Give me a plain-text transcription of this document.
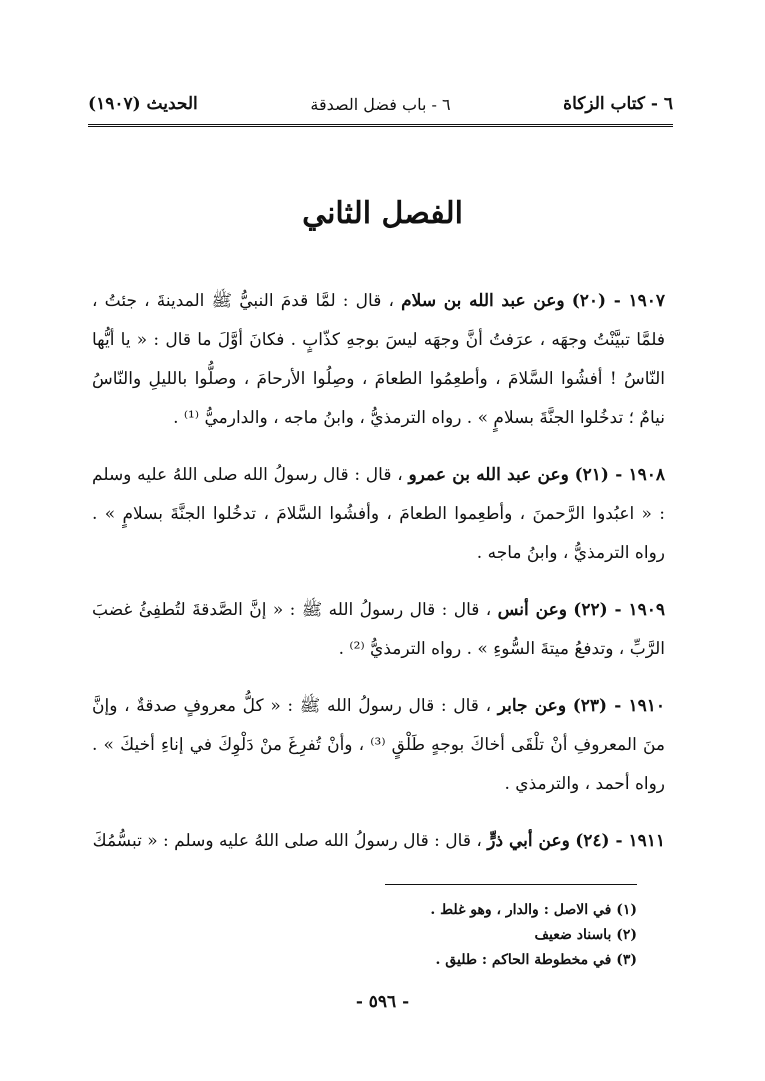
٦ - كتاب الزكاة
٦ - باب فضل الصدقة
الحديث (١٩٠٧)
الفصل الثاني

١٩٠٧ - (٢٠) وعن عبد الله بن سلام ، قال : لمَّا قدمَ النبيُّ ﷺ المدينةَ ، جئتُ ، فلمَّا تبيَّنْتُ وجهَه ، عرَفتُ أنَّ وجهَه ليسَ بوجهِ كذّابٍ . فكانَ أوَّلَ ما قال : « يا أيُّها النّاسُ ! أفشُوا السَّلامَ ، وأطعِمُوا الطعامَ ، وصِلُوا الأرحامَ ، وصلُّوا بالليلِ والنّاسُ نيامٌ ؛ تدخُلوا الجنَّةَ بسلامٍ » . رواه الترمذيُّ ، وابنُ ماجه ، والدارميُّ ⁽¹⁾ .

١٩٠٨ - (٢١) وعن عبد الله بن عمرو ، قال : قال رسولُ الله صلى اللهُ عليه وسلم : « اعبُدوا الرَّحمنَ ، وأطعِموا الطعامَ ، وأفشُوا السَّلامَ ، تدخُلوا الجنَّةَ بسلامٍ » . رواه الترمذيُّ ، وابنُ ماجه .

١٩٠٩ - (٢٢) وعن أنس ، قال : قال رسولُ الله ﷺ : « إنَّ الصَّدقةَ لتُطفِئُ غضبَ الرَّبِّ ، وتدفعُ ميتةَ السُّوءِ » . رواه الترمذيُّ ⁽²⁾ .

١٩١٠ - (٢٣) وعن جابر ، قال : قال رسولُ الله ﷺ : « كلُّ معروفٍ صدقةٌ ، وإنَّ منَ المعروفِ أنْ تلْقَى أخاكَ بوجهٍ طَلْقٍ ⁽³⁾ ، وأنْ تُفرِغَ منْ دَلْوِكَ في إناءِ أخيكَ » . رواه أحمد ، والترمذي .

١٩١١ - (٢٤) وعن أبي ذرٍّ ، قال : قال رسولُ الله صلى اللهُ عليه وسلم : « تبسُّمُكَ

(١) في الاصل : والدار ، وهو غلط .
(٢) باسناد ضعيف
(٣) في مخطوطة الحاكم : طليق .
- ٥٩٦ -
